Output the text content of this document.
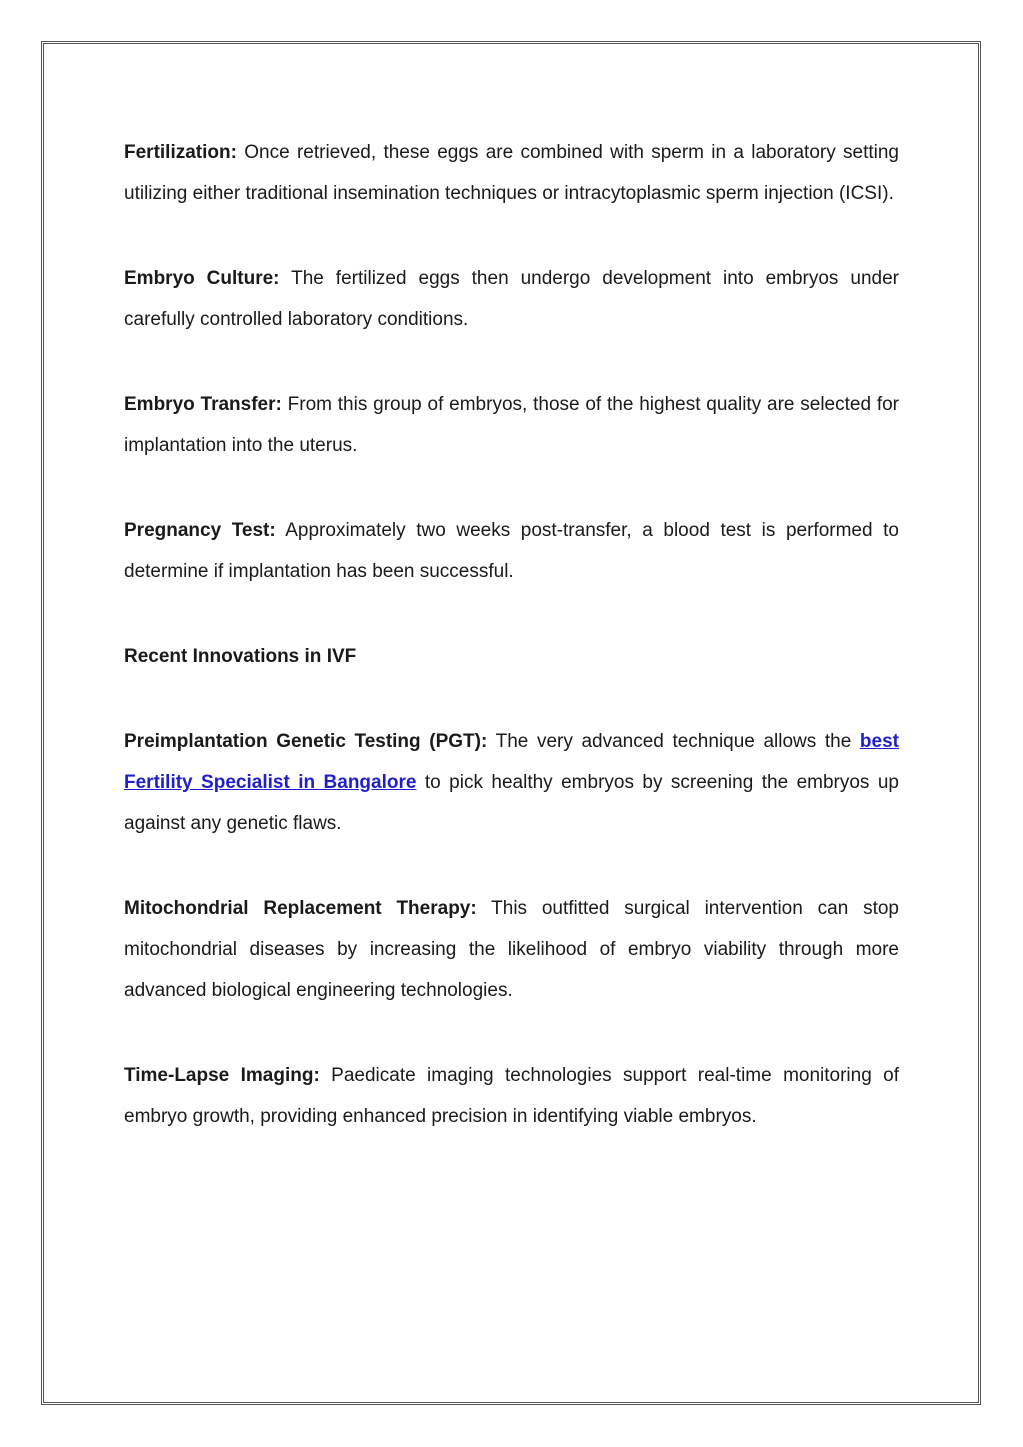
Fertilization: Once retrieved, these eggs are combined with sperm in a laboratory setting utilizing either traditional insemination techniques or intracytoplasmic sperm injection (ICSI).

Embryo Culture: The fertilized eggs then undergo development into embryos under carefully controlled laboratory conditions.

Embryo Transfer: From this group of embryos, those of the highest quality are selected for implantation into the uterus.

Pregnancy Test: Approximately two weeks post-transfer, a blood test is performed to determine if implantation has been successful.

Recent Innovations in IVF

Preimplantation Genetic Testing (PGT): The very advanced technique allows the best Fertility Specialist in Bangalore to pick healthy embryos by screening the embryos up against any genetic flaws.

Mitochondrial Replacement Therapy: This outfitted surgical intervention can stop mitochondrial diseases by increasing the likelihood of embryo viability through more advanced biological engineering technologies.

Time-Lapse Imaging: Paedicate imaging technologies support real-time monitoring of embryo growth, providing enhanced precision in identifying viable embryos.
